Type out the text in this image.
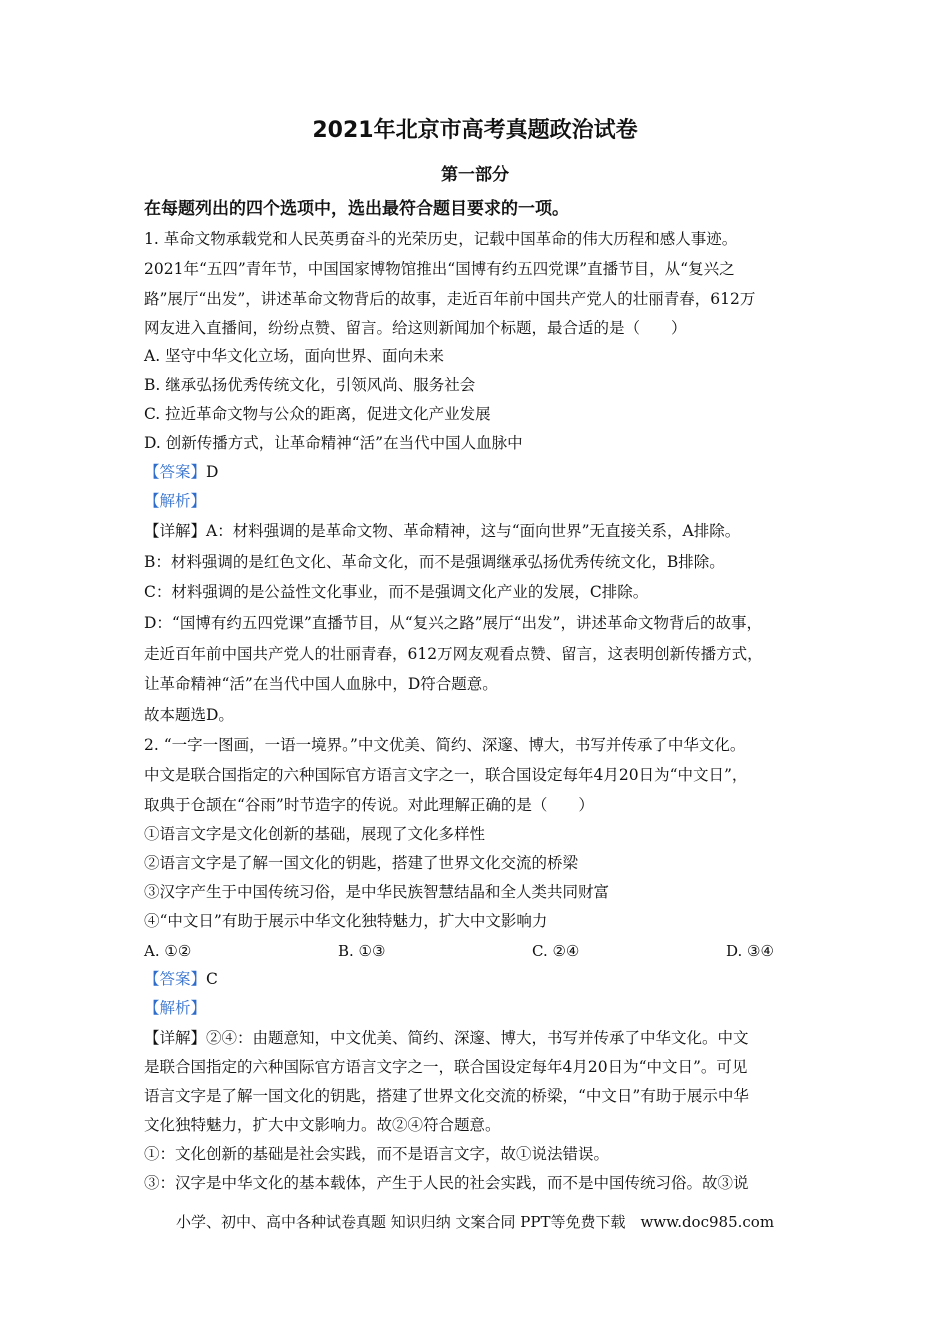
2021年北京市高考真题政治试卷
第一部分
在每题列出的四个选项中，选出最符合题目要求的一项。
1. 革命文物承载党和人民英勇奋斗的光荣历史，记载中国革命的伟大历程和感人事迹。
2021年“五四”青年节，中国国家博物馆推出“国博有约五四党课”直播节目，从“复兴之
路”展厅“出发”，讲述革命文物背后的故事，走近百年前中国共产党人的壮丽青春，612万
网友进入直播间，纷纷点赞、留言。给这则新闻加个标题，最合适的是（　　）
A. 坚守中华文化立场，面向世界、面向未来
B. 继承弘扬优秀传统文化，引领风尚、服务社会
C. 拉近革命文物与公众的距离，促进文化产业发展
D. 创新传播方式，让革命精神“活”在当代中国人血脉中
【答案】D
【解析】
【详解】A：材料强调的是革命文物、革命精神，这与“面向世界”无直接关系，A排除。
B：材料强调的是红色文化、革命文化，而不是强调继承弘扬优秀传统文化，B排除。
C：材料强调的是公益性文化事业，而不是强调文化产业的发展，C排除。
D：“国博有约五四党课”直播节目，从“复兴之路”展厅“出发”，讲述革命文物背后的故事，
走近百年前中国共产党人的壮丽青春，612万网友观看点赞、留言，这表明创新传播方式，
让革命精神“活”在当代中国人血脉中，D符合题意。
故本题选D。
2. “一字一图画，一语一境界。”中文优美、简约、深邃、博大，书写并传承了中华文化。
中文是联合国指定的六种国际官方语言文字之一，联合国设定每年4月20日为“中文日”，
取典于仓颉在“谷雨”时节造字的传说。对此理解正确的是（　　）
①语言文字是文化创新的基础，展现了文化多样性
②语言文字是了解一国文化的钥匙，搭建了世界文化交流的桥梁
③汉字产生于中国传统习俗，是中华民族智慧结晶和全人类共同财富
④“中文日”有助于展示中华文化独特魅力，扩大中文影响力
A. ①②	B. ①③	C. ②④	D. ③④
【答案】C
【解析】
【详解】②④：由题意知，中文优美、简约、深邃、博大，书写并传承了中华文化。中文
是联合国指定的六种国际官方语言文字之一，联合国设定每年4月20日为“中文日”。可见
语言文字是了解一国文化的钥匙，搭建了世界文化交流的桥梁，“中文日”有助于展示中华
文化独特魅力，扩大中文影响力。故②④符合题意。
①：文化创新的基础是社会实践，而不是语言文字，故①说法错误。
③：汉字是中华文化的基本载体，产生于人民的社会实践，而不是中国传统习俗。故③说
小学、初中、高中各种试卷真题 知识归纳 文案合同 PPT等免费下载　www.doc985.com
